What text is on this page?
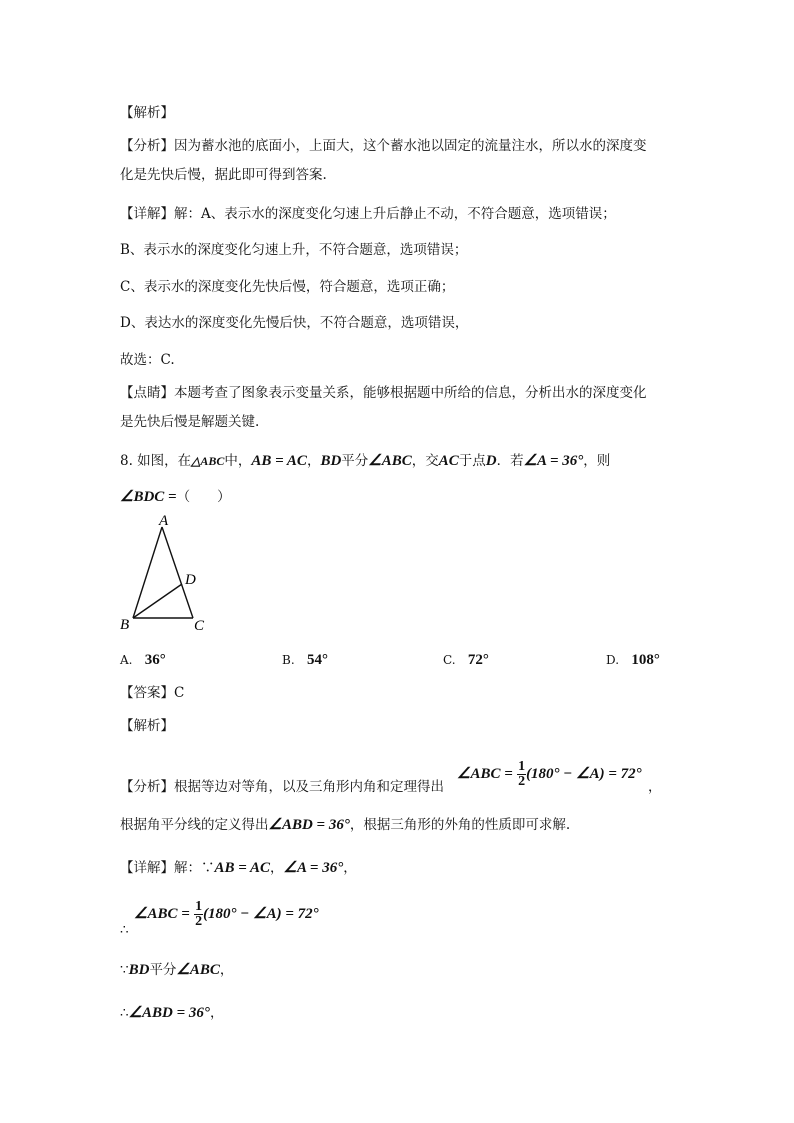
【解析】
【分析】因为蓄水池的底面小，上面大，这个蓄水池以固定的流量注水，所以水的深度变
化是先快后慢，据此即可得到答案.
【详解】解：A、表示水的深度变化匀速上升后静止不动，不符合题意，选项错误；
B、表示水的深度变化匀速上升，不符合题意，选项错误；
C、表示水的深度变化先快后慢，符合题意，选项正确；
D、表达水的深度变化先慢后快，不符合题意，选项错误，
故选：C.
【点睛】本题考查了图象表示变量关系，能够根据题中所给的信息，分析出水的深度变化
是先快后慢是解题关键.
8. 如图，在△ABC中，AB = AC，BD平分∠ABC，交AC于点D．若∠A = 36°，则
∠BDC =（　　）
A
B	C
D
A. 36°	B. 54°	C. 72°	D. 108°
【答案】C
【解析】
【分析】根据等边对等角，以及三角形内角和定理得出
∠ABC = $\frac{1}{2} (180^\circ$ − ∠A) = 72°
，
根据角平分线的定义得出∠ABD = 36°，根据三角形的外角的性质即可求解.
【详解】解：∵AB = AC，∠A = 36°，
∴
∠ABC = $\frac{1}{2} (180^\circ$ − ∠A) = 72°
∵BD平分∠ABC，
∴∠ABD = 36°，
